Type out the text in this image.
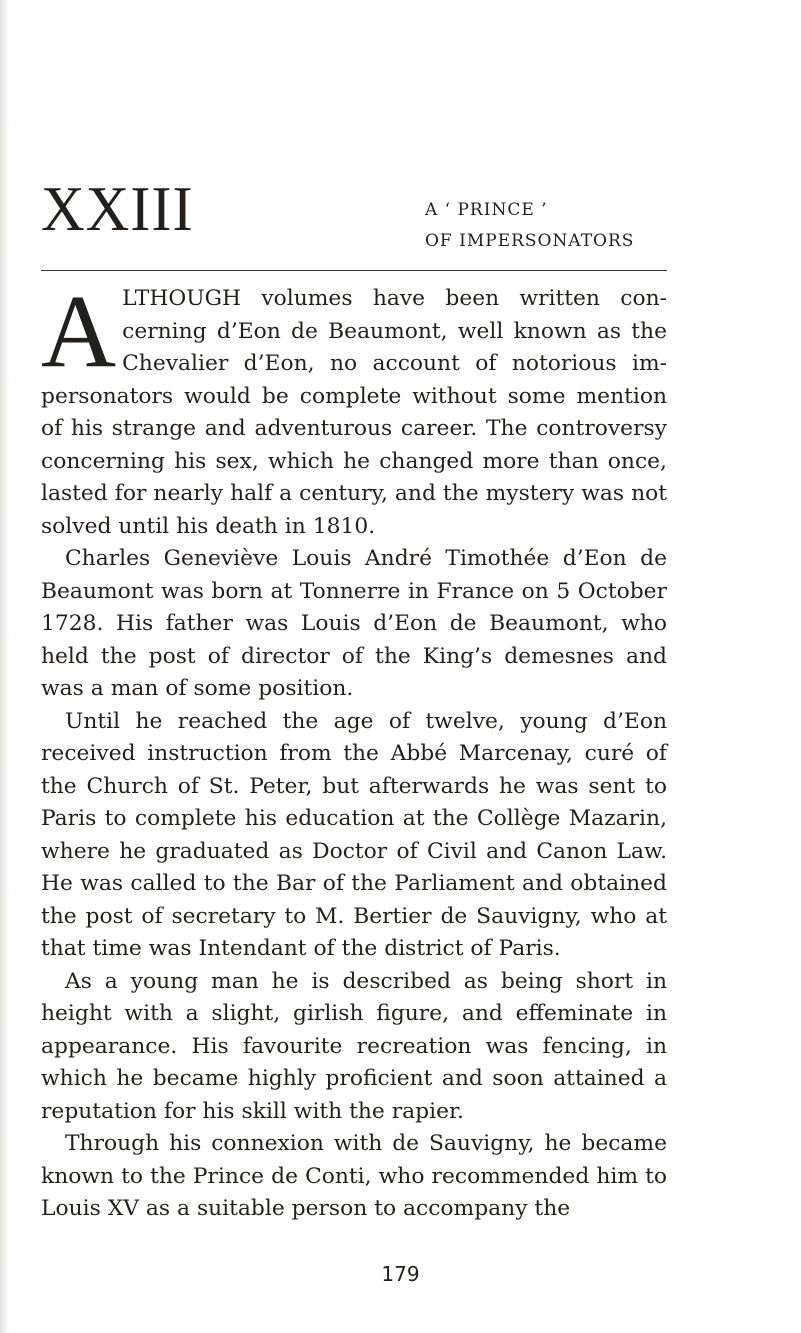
XXIII	A ‘ PRINCE ’
OF IMPERSONATORS

ALTHOUGH volumes have been written concerning d’Eon de Beaumont, well known as the Chevalier d’Eon, no account of notorious impersonators would be complete without some mention of his strange and adventurous career. The controversy concerning his sex, which he changed more than once, lasted for nearly half a century, and the mystery was not solved until his death in 1810.

Charles Geneviève Louis André Timothée d’Eon de Beaumont was born at Tonnerre in France on 5 October 1728. His father was Louis d’Eon de Beaumont, who held the post of director of the King’s demesnes and was a man of some position.

Until he reached the age of twelve, young d’Eon received instruction from the Abbé Marcenay, curé of the Church of St. Peter, but afterwards he was sent to Paris to complete his education at the Collège Mazarin, where he graduated as Doctor of Civil and Canon Law. He was called to the Bar of the Parliament and obtained the post of secretary to M. Bertier de Sauvigny, who at that time was Intendant of the district of Paris.

As a young man he is described as being short in height with a slight, girlish figure, and effeminate in appearance. His favourite recreation was fencing, in which he became highly proficient and soon attained a reputation for his skill with the rapier.

Through his connexion with de Sauvigny, he became known to the Prince de Conti, who recommended him to Louis XV as a suitable person to accompany the

179
